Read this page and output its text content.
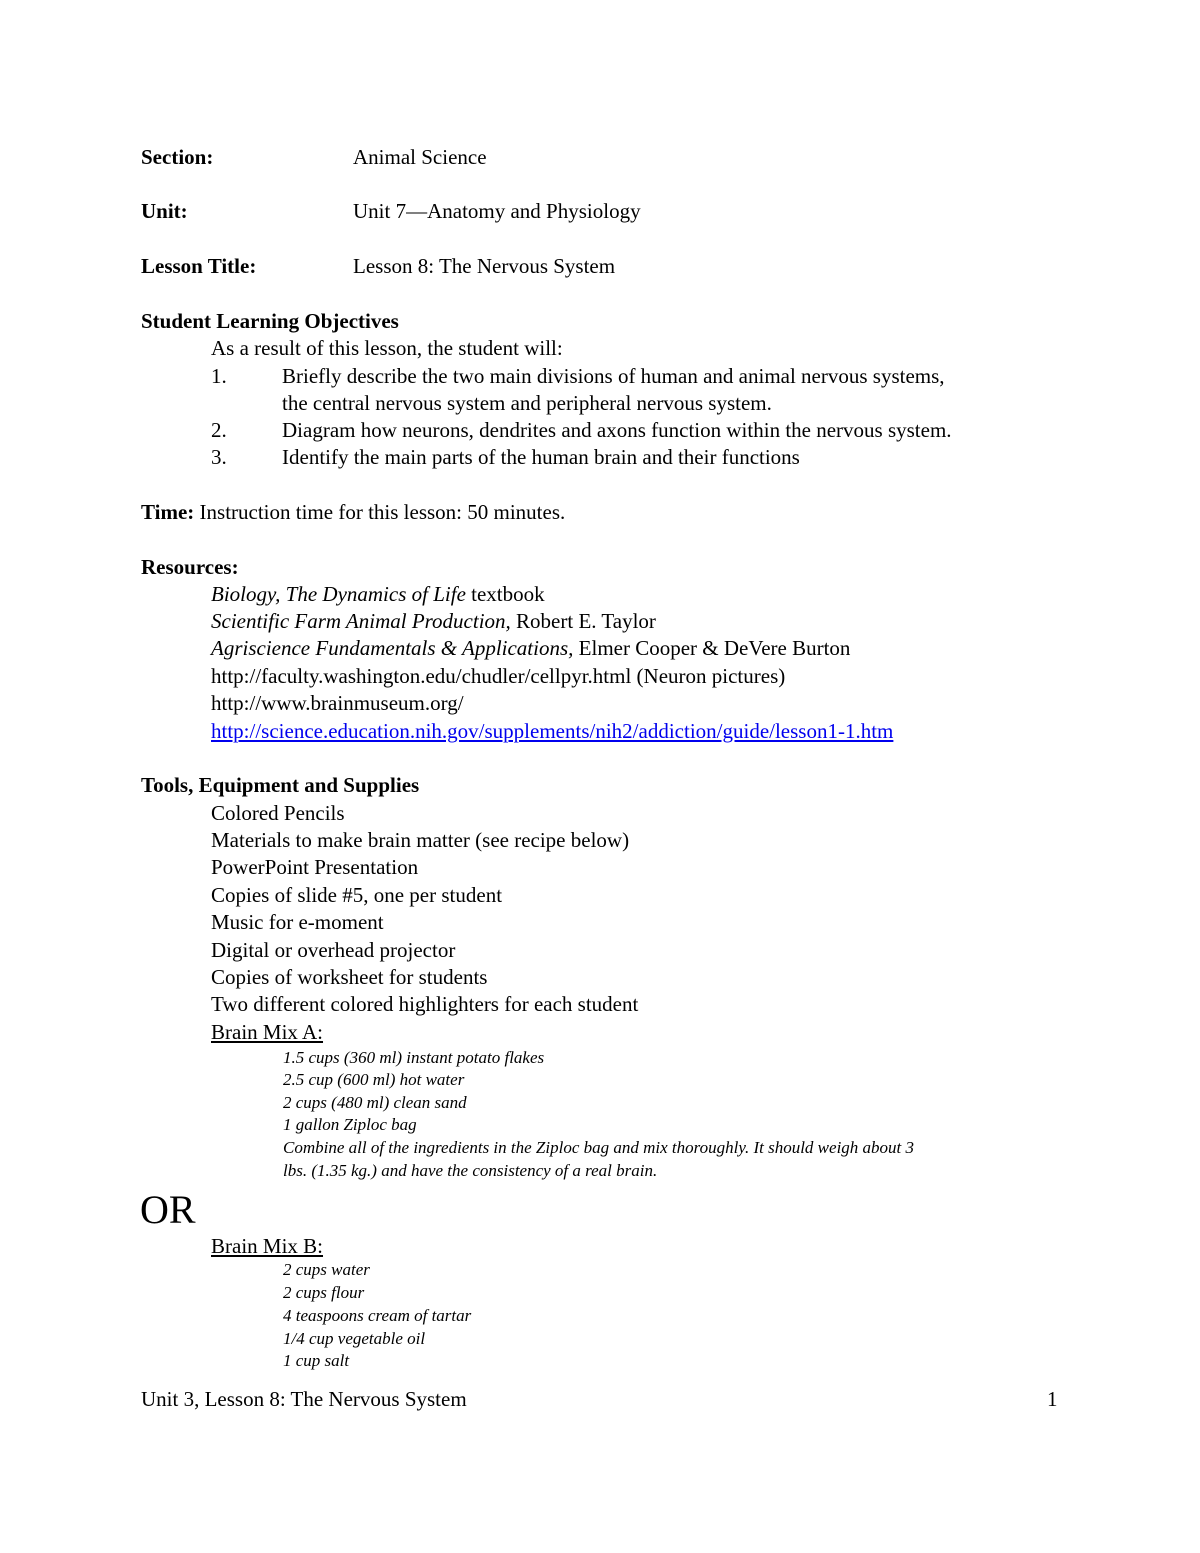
Section:	Animal Science
Unit:	Unit 7—Anatomy and Physiology
Lesson Title:	Lesson 8: The Nervous System
Student Learning Objectives
As a result of this lesson, the student will:
1.	Briefly describe the two main divisions of human and animal nervous systems,
the central nervous system and peripheral nervous system.
2.	Diagram how neurons, dendrites and axons function within the nervous system.
3.	Identify the main parts of the human brain and their functions
Time: Instruction time for this lesson: 50 minutes.
Resources:
Biology, The Dynamics of Life textbook
Scientific Farm Animal Production, Robert E. Taylor
Agriscience Fundamentals & Applications, Elmer Cooper & DeVere Burton
http://faculty.washington.edu/chudler/cellpyr.html (Neuron pictures)
http://www.brainmuseum.org/
http://science.education.nih.gov/supplements/nih2/addiction/guide/lesson1-1.htm
Tools, Equipment and Supplies
Colored Pencils
Materials to make brain matter (see recipe below)
PowerPoint Presentation
Copies of slide #5, one per student
Music for e-moment
Digital or overhead projector
Copies of worksheet for students
Two different colored highlighters for each student
Brain Mix A:
1.5 cups (360 ml) instant potato flakes
2.5 cup (600 ml) hot water
2 cups (480 ml) clean sand
1 gallon Ziploc bag
Combine all of the ingredients in the Ziploc bag and mix thoroughly. It should weigh about 3
lbs. (1.35 kg.) and have the consistency of a real brain.
OR
Brain Mix B:
2 cups water
2 cups flour
4 teaspoons cream of tartar
1/4 cup vegetable oil
1 cup salt
Unit 3, Lesson 8: The Nervous System	1
